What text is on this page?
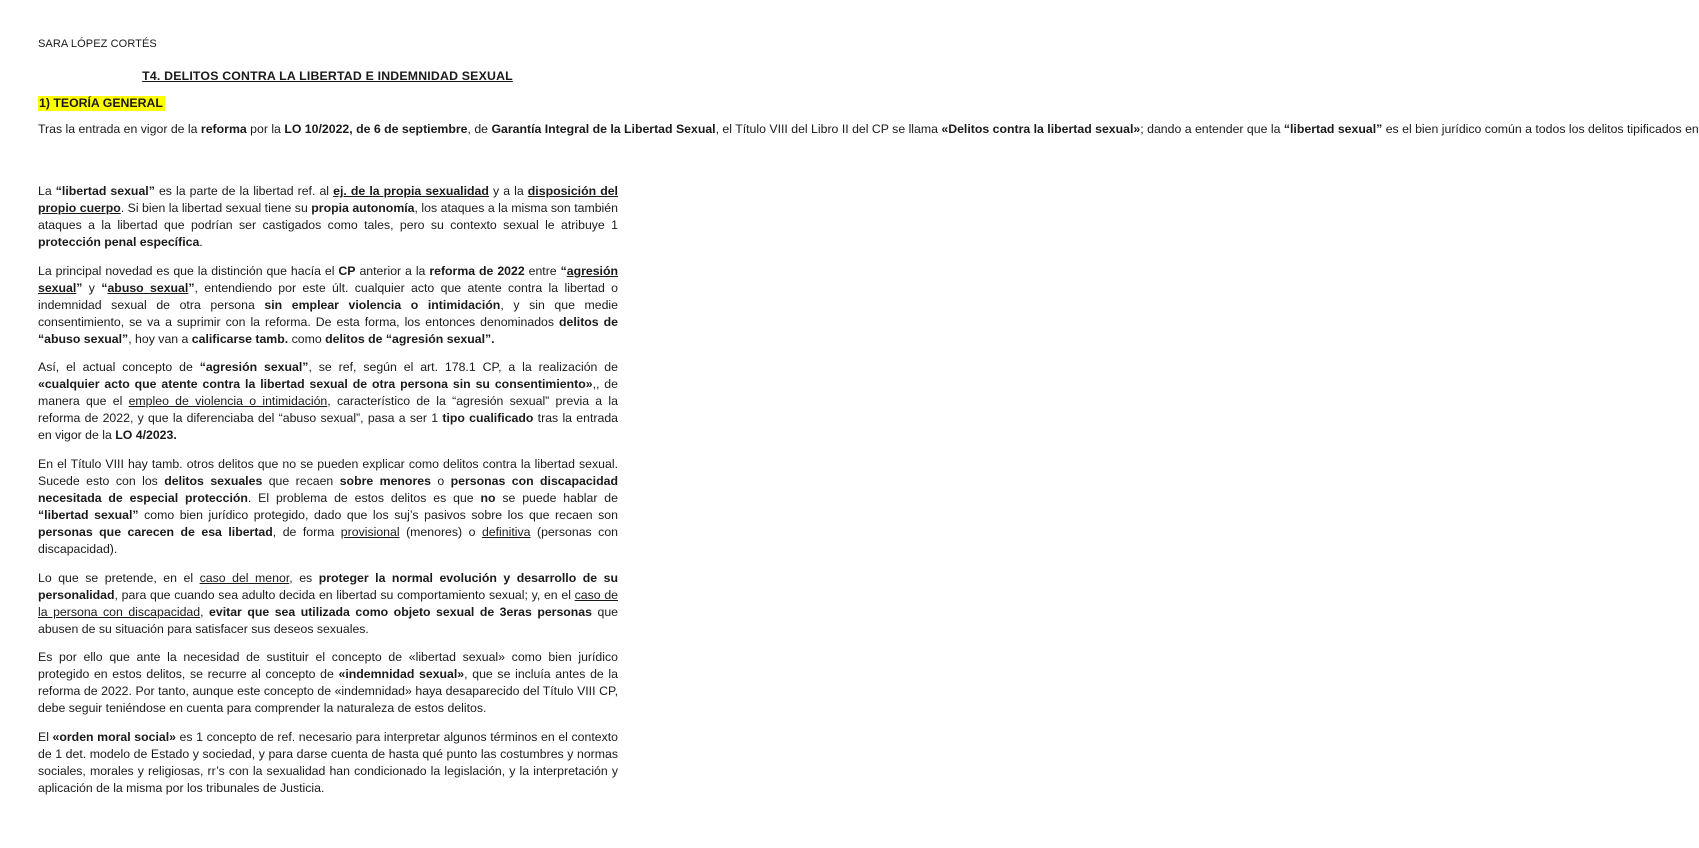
SARA LÓPEZ CORTÉS
T4. DELITOS CONTRA LA LIBERTAD E INDEMNIDAD SEXUAL
1) TEORÍA GENERAL

Tras la entrada en vigor de la reforma por la LO 10/2022, de 6 de septiembre, de Garantía Integral de la Libertad Sexual, el Título VIII del Libro II del CP se llama «Delitos contra la libertad sexual»; dando a entender que la “libertad sexual” es el bien jurídico común a todos los delitos tipificados en

La “libertad sexual” es la parte de la libertad ref. al ej. de la propia sexualidad y a la disposición del propio cuerpo. Si bien la libertad sexual tiene su propia autonomía, los ataques a la misma son también ataques a la libertad que podrían ser castigados como tales, pero su contexto sexual le atribuye 1 protección penal específica.

La principal novedad es que la distinción que hacía el CP anterior a la reforma de 2022 entre “agresión sexual” y “abuso sexual”, entendiendo por este últ. cualquier acto que atente contra la libertad o indemnidad sexual de otra persona sin emplear violencia o intimidación, y sin que medie consentimiento, se va a suprimir con la reforma. De esta forma, los entonces denominados delitos de “abuso sexual”, hoy van a calificarse tamb. como delitos de “agresión sexual”.

Así, el actual concepto de “agresión sexual”, se ref, según el art. 178.1 CP, a la realización de «cualquier acto que atente contra la libertad sexual de otra persona sin su consentimiento»,, de manera que el empleo de violencia o intimidación, característico de la “agresión sexual” previa a la reforma de 2022, y que la diferenciaba del “abuso sexual”, pasa a ser 1 tipo cualificado tras la entrada en vigor de la LO 4/2023.

En el Título VIII hay tamb. otros delitos que no se pueden explicar como delitos contra la libertad sexual. Sucede esto con los delitos sexuales que recaen sobre menores o personas con discapacidad necesitada de especial protección. El problema de estos delitos es que no se puede hablar de “libertad sexual” como bien jurídico protegido, dado que los suj’s pasivos sobre los que recaen son personas que carecen de esa libertad, de forma provisional (menores) o definitiva (personas con discapacidad).

Lo que se pretende, en el caso del menor, es proteger la normal evolución y desarrollo de su personalidad, para que cuando sea adulto decida en libertad su comportamiento sexual; y, en el caso de la persona con discapacidad, evitar que sea utilizada como objeto sexual de 3eras personas que abusen de su situación para satisfacer sus deseos sexuales.

Es por ello que ante la necesidad de sustituir el concepto de «libertad sexual» como bien jurídico protegido en estos delitos, se recurre al concepto de «indemnidad sexual», que se incluía antes de la reforma de 2022. Por tanto, aunque este concepto de «indemnidad» haya desaparecido del Título VIII CP, debe seguir teniéndose en cuenta para comprender la naturaleza de estos delitos.

El «orden moral social» es 1 concepto de ref. necesario para interpretar algunos términos en el contexto de 1 det. modelo de Estado y sociedad, y para darse cuenta de hasta qué punto las costumbres y normas sociales, morales y religiosas, rr’s con la sexualidad han condicionado la legislación, y la interpretación y aplicación de la misma por los tribunales de Justicia.
